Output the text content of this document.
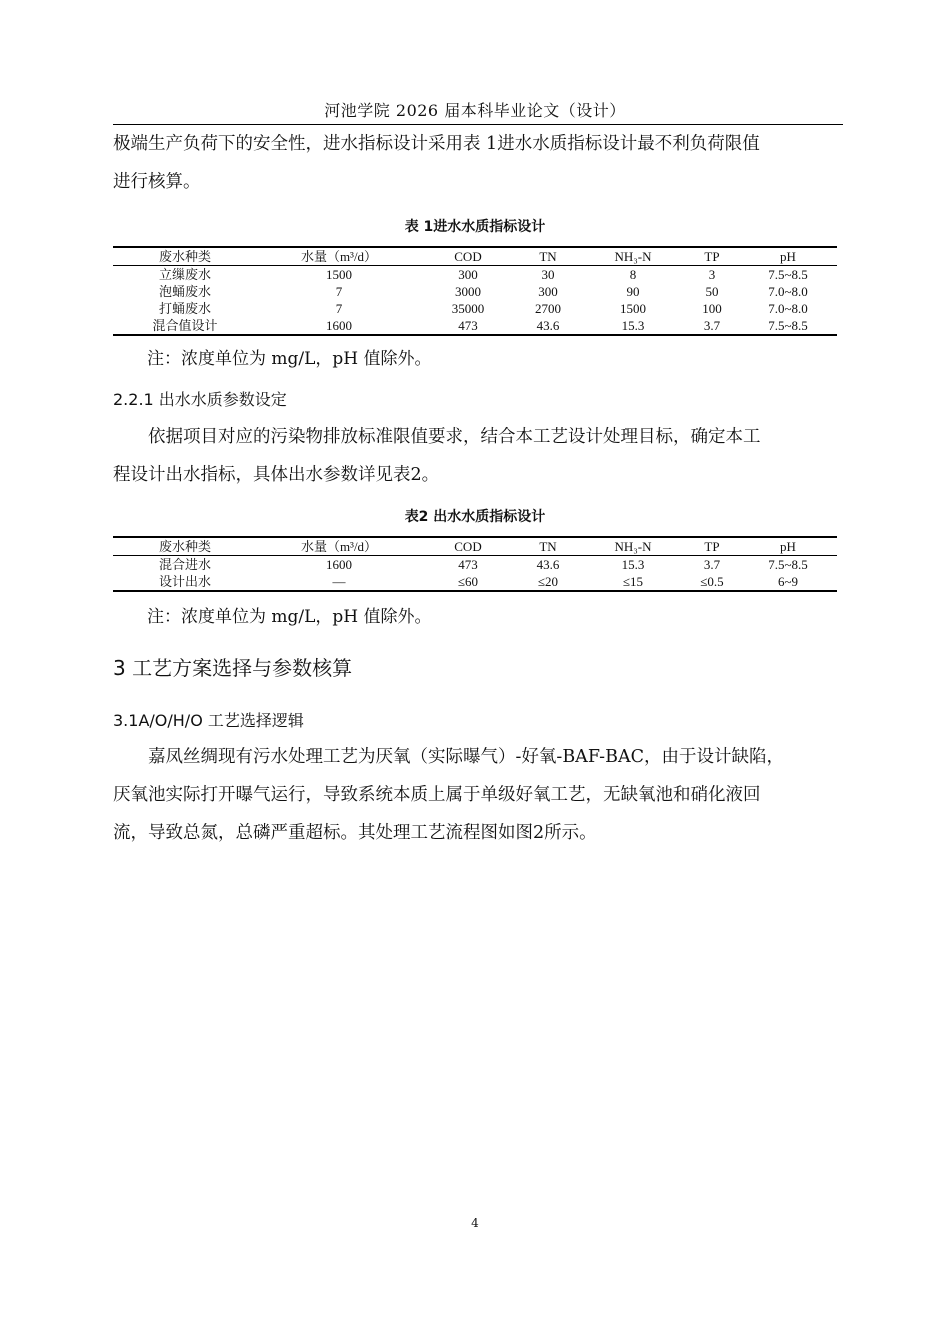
河池学院 2026 届本科毕业论文（设计）

极端生产负荷下的安全性，进水指标设计采用表 1进水水质指标设计最不利负荷限值

进行核算。

表 1进水水质指标设计
废水种类	水量（m³/d）	COD	TN	NH₃-N	TP	pH
立缫废水	1500	300	30	8	3	7.5~8.5
泡蛹废水	7	3000	300	90	50	7.0~8.0
打蛹废水	7	35000	2700	1500	100	7.0~8.0
混合值设计	1600	473	43.6	15.3	3.7	7.5~8.5
注：浓度单位为 mg/L，pH 值除外。
2.2.1 出水水质参数设定

依据项目对应的污染物排放标准限值要求，结合本工艺设计处理目标，确定本工

程设计出水指标，具体出水参数详见表2。

表2 出水水质指标设计
废水种类	水量（m³/d）	COD	TN	NH₃-N	TP	pH
混合进水	1600	473	43.6	15.3	3.7	7.5~8.5
设计出水	—	≤60	≤20	≤15	≤0.5	6~9
注：浓度单位为 mg/L，pH 值除外。
3 工艺方案选择与参数核算
3.1A/O/H/O 工艺选择逻辑

嘉凤丝绸现有污水处理工艺为厌氧（实际曝气）-好氧-BAF-BAC，由于设计缺陷，

厌氧池实际打开曝气运行，导致系统本质上属于单级好氧工艺，无缺氧池和硝化液回

流，导致总氮，总磷严重超标。其处理工艺流程图如图2所示。

4
